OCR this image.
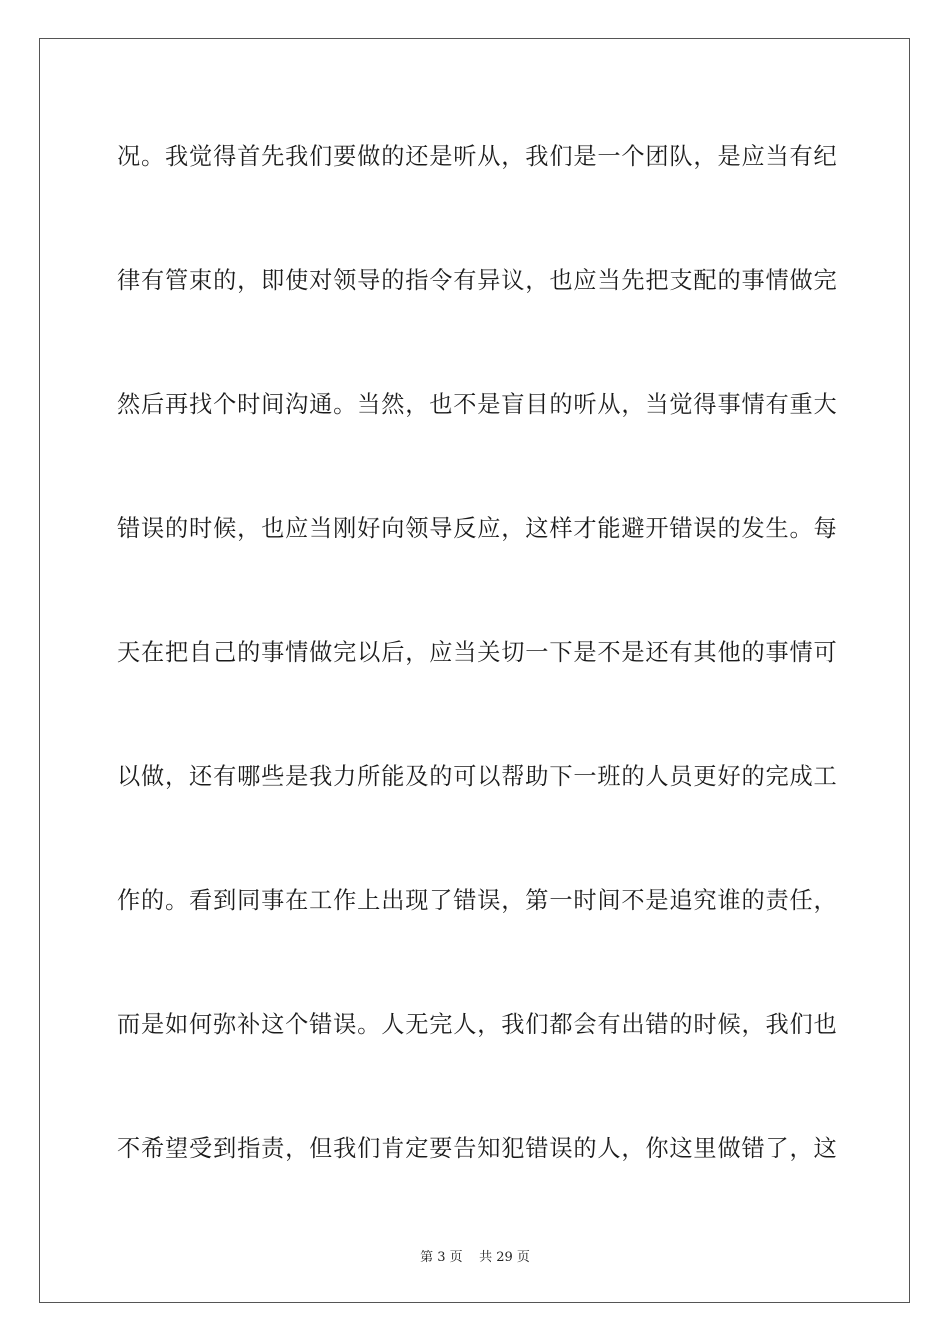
况。我觉得首先我们要做的还是听从，我们是一个团队，是应当有纪
律有管束的，即使对领导的指令有异议，也应当先把支配的事情做完
然后再找个时间沟通。当然，也不是盲目的听从，当觉得事情有重大
错误的时候，也应当刚好向领导反应，这样才能避开错误的发生。每
天在把自己的事情做完以后，应当关切一下是不是还有其他的事情可
以做，还有哪些是我力所能及的可以帮助下一班的人员更好的完成工
作的。看到同事在工作上出现了错误，第一时间不是追究谁的责任，
而是如何弥补这个错误。人无完人，我们都会有出错的时候，我们也
不希望受到指责，但我们肯定要告知犯错误的人，你这里做错了，这
第 3 页    共 29 页
